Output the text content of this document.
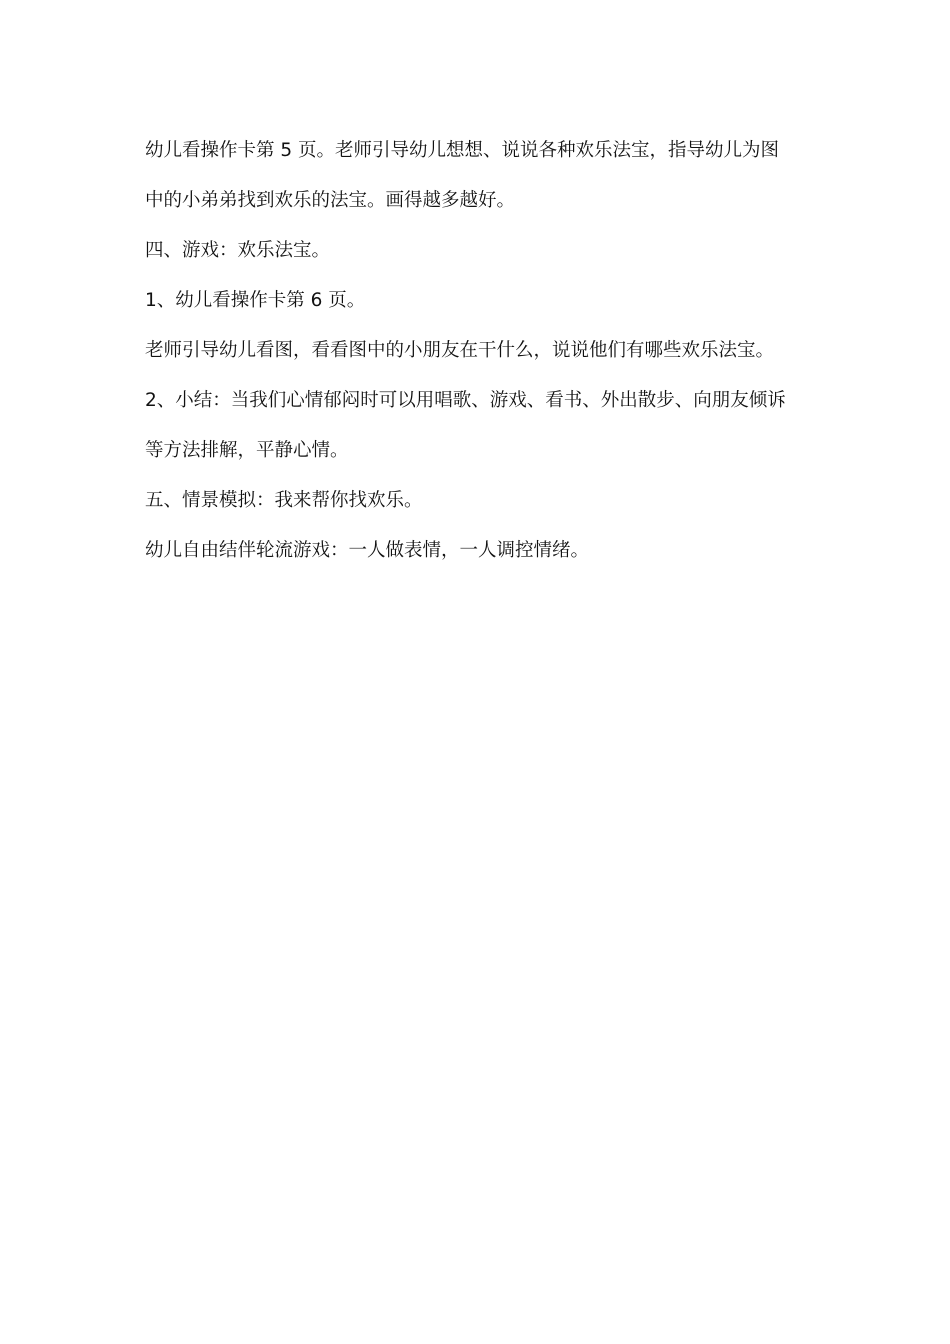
幼儿看操作卡第 5 页。老师引导幼儿想想、说说各种欢乐法宝，指导幼儿为图
中的小弟弟找到欢乐的法宝。画得越多越好。
四、游戏：欢乐法宝。
1、幼儿看操作卡第 6 页。
老师引导幼儿看图，看看图中的小朋友在干什么，说说他们有哪些欢乐法宝。
2、小结：当我们心情郁闷时可以用唱歌、游戏、看书、外出散步、向朋友倾诉
等方法排解，平静心情。
五、情景模拟：我来帮你找欢乐。
幼儿自由结伴轮流游戏：一人做表情，一人调控情绪。
